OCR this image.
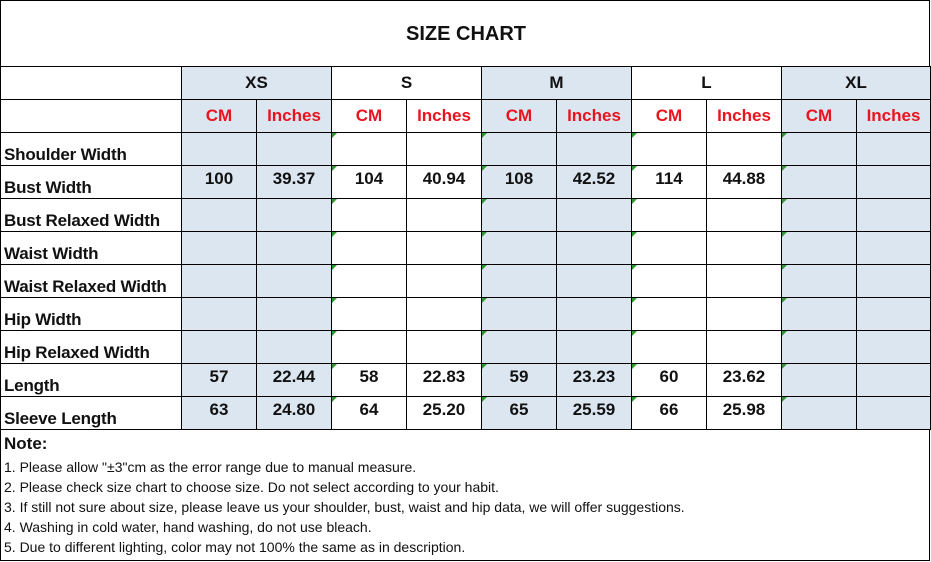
SIZE CHART
	XS		S		M		L		XL	
	CM	Inches	CM	Inches	CM	Inches	CM	Inches	CM	Inches
Shoulder Width			

Bust Width	100	39.37	104	40.94	108	42.52	114	44.88	

Bust Relaxed Width			

Waist Width			

Waist Relaxed Width			

Hip Width			

Hip Relaxed Width			

Length	57	22.44	58	22.83	59	23.23	60	23.62	

Sleeve Length	63	24.80	64	25.20	65	25.59	66	25.98	

Note:
1. Please allow "±3"cm as the error range due to manual measure.
2. Please check size chart to choose size. Do not select according to your habit.
3. If still not sure about size, please leave us your shoulder, bust, waist and hip data, we will offer suggestions.
4. Washing in cold water, hand washing, do not use bleach.
5. Due to different lighting, color may not 100% the same as in description.
